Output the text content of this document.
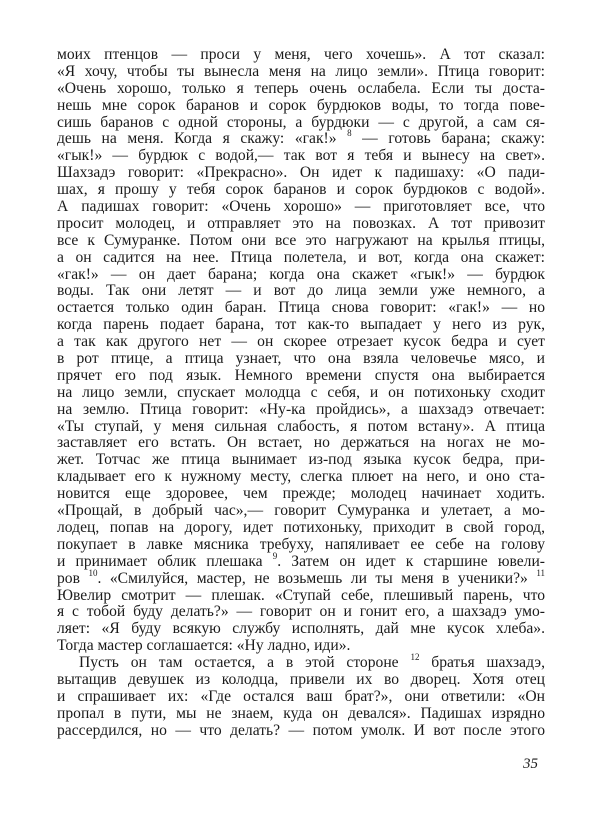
моих птенцов — проси у меня, чего хочешь». А тот сказал:
«Я хочу, чтобы ты вынесла меня на лицо земли». Птица говорит:
«Очень хорошо, только я теперь очень ослабела. Если ты доста-
нешь мне сорок баранов и сорок бурдюков воды, то тогда пове-
сишь баранов с одной стороны, а бурдюки — с другой, а сам ся-
дешь на меня. Когда я скажу: «гак!» $^8$ — готовь барана; скажу:
«гык!» — бурдюк с водой,— так вот я тебя и вынесу на свет».
Шахзадэ говорит: «Прекрасно». Он идет к падишаху: «О пади-
шах, я прошу у тебя сорок баранов и сорок бурдюков с водой».
А падишах говорит: «Очень хорошо» — приготовляет все, что
просит молодец, и отправляет это на повозках. А тот привозит
все к Сумуранке. Потом они все это нагружают на крылья птицы,
а он садится на нее. Птица полетела, и вот, когда она скажет:
«гак!» — он дает барана; когда она скажет «гык!» — бурдюк
воды. Так они летят — и вот до лица земли уже немного, а
остается только один баран. Птица снова говорит: «гак!» — но
когда парень подает барана, тот как-то выпадает у него из рук,
а так как другого нет — он скорее отрезает кусок бедра и сует
в рот птице, а птица узнает, что она взяла человечье мясо, и
прячет его под язык. Немного времени спустя она выбирается
на лицо земли, спускает молодца с себя, и он потихоньку сходит
на землю. Птица говорит: «Ну-ка пройдись», а шахзадэ отвечает:
«Ты ступай, у меня сильная слабость, я потом встану». А птица
заставляет его встать. Он встает, но держаться на ногах не мо-
жет. Тотчас же птица вынимает из-под языка кусок бедра, при-
кладывает его к нужному месту, слегка плюет на него, и оно ста-
новится еще здоровее, чем прежде; молодец начинает ходить.
«Прощай, в добрый час»,— говорит Сумуранка и улетает, а мо-
лодец, попав на дорогу, идет потихоньку, приходит в свой город,
покупает в лавке мясника требуху, напяливает ее себе на голову
и принимает облик плешака $^9$. Затем он идет к старшине ювели-
ров $^{10}$. «Смилуйся, мастер, не возьмешь ли ты меня в ученики?» $^{11}$
Ювелир смотрит — плешак. «Ступай себе, плешивый парень, что
я с тобой буду делать?» — говорит он и гонит его, а шахзадэ умо-
ляет: «Я буду всякую службу исполнять, дай мне кусок хлеба».
Тогда мастер соглашается: «Ну ладно, иди».
Пусть он там остается, а в этой стороне $^{12}$ братья шахзадэ,
вытащив девушек из колодца, привели их во дворец. Хотя отец
и спрашивает их: «Где остался ваш брат?», они ответили: «Он
пропал в пути, мы не знаем, куда он девался». Падишах изрядно
рассердился, но — что делать? — потом умолк. И вот после этого
35
